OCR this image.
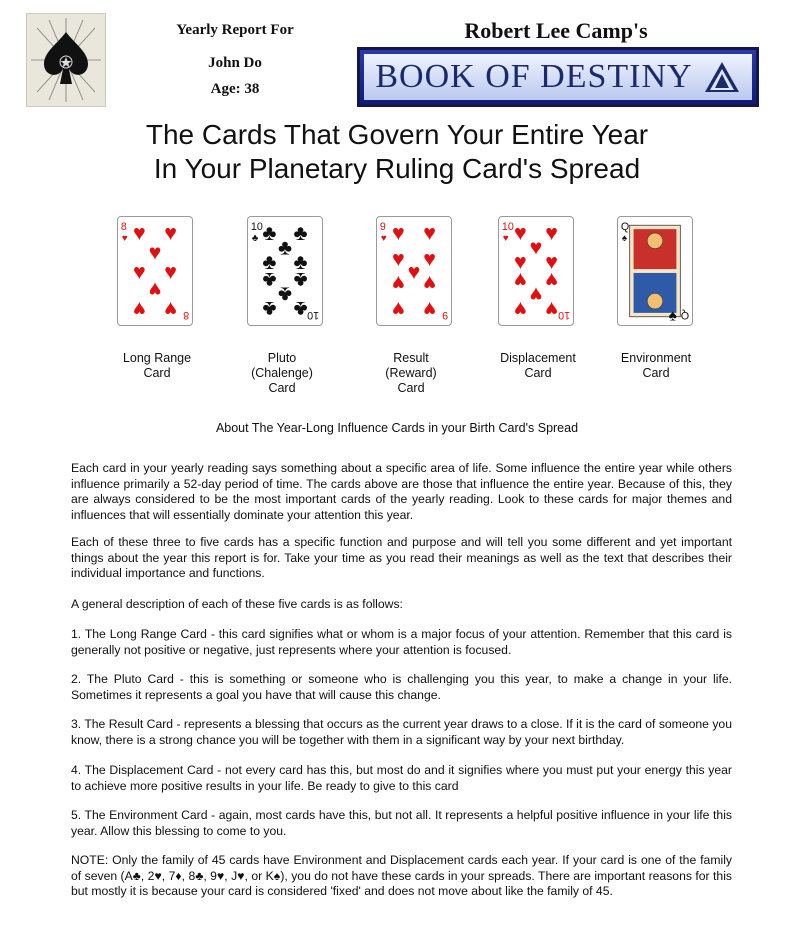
Yearly Report For
John Do
Age: 38
Robert Lee Camp's
BOOK OF DESTINY
The Cards That Govern Your Entire Year
In Your Planetary Ruling Card's Spread
8
♥
8
♥ ♥
♥
♥ ♥
♥
♥ ♥
10
♣
10
♣ ♣
♣
♣ ♣
♣ ♣
♣
♣ ♣
9
♥
9
♥ ♥
♥ ♥
♥
♥ ♥
♥ ♥
10
♥
10
♥ ♥
♥
♥ ♥
♥ ♥
♥
♥ ♥
Q
♠
Q
♠
Long Range
Card
Pluto
(Chalenge)
Card
Result
(Reward)
Card
Displacement
Card
Environment
Card
About The Year-Long Influence Cards in your Birth Card's Spread

Each card in your yearly reading says something about a specific area of life. Some influence the entire year while others influence primarily a 52-day period of time. The cards above are those that influence the entire year. Because of this, they are always considered to be the most important cards of the yearly reading. Look to these cards for major themes and influences that will essentially dominate your attention this year.

Each of these three to five cards has a specific function and purpose and will tell you some different and yet important things about the year this report is for. Take your time as you read their meanings as well as the text that describes their individual importance and functions.

A general description of each of these five cards is as follows:

1. The Long Range Card - this card signifies what or whom is a major focus of your attention. Remember that this card is generally not positive or negative, just represents where your attention is focused.

2. The Pluto Card - this is something or someone who is challenging you this year, to make a change in your life. Sometimes it represents a goal you have that will cause this change.

3. The Result Card - represents a blessing that occurs as the current year draws to a close. If it is the card of someone you know, there is a strong chance you will be together with them in a significant way by your next birthday.

4. The Displacement Card - not every card has this, but most do and it signifies where you must put your energy this year to achieve more positive results in your life. Be ready to give to this card

5. The Environment Card - again, most cards have this, but not all. It represents a helpful positive influence in your life this year. Allow this blessing to come to you.

NOTE: Only the family of 45 cards have Environment and Displacement cards each year. If your card is one of the family of seven (A♣, 2♥, 7♦, 8♣, 9♥, J♥, or K♠), you do not have these cards in your spreads. There are important reasons for this but mostly it is because your card is considered 'fixed' and does not move about like the family of 45.
